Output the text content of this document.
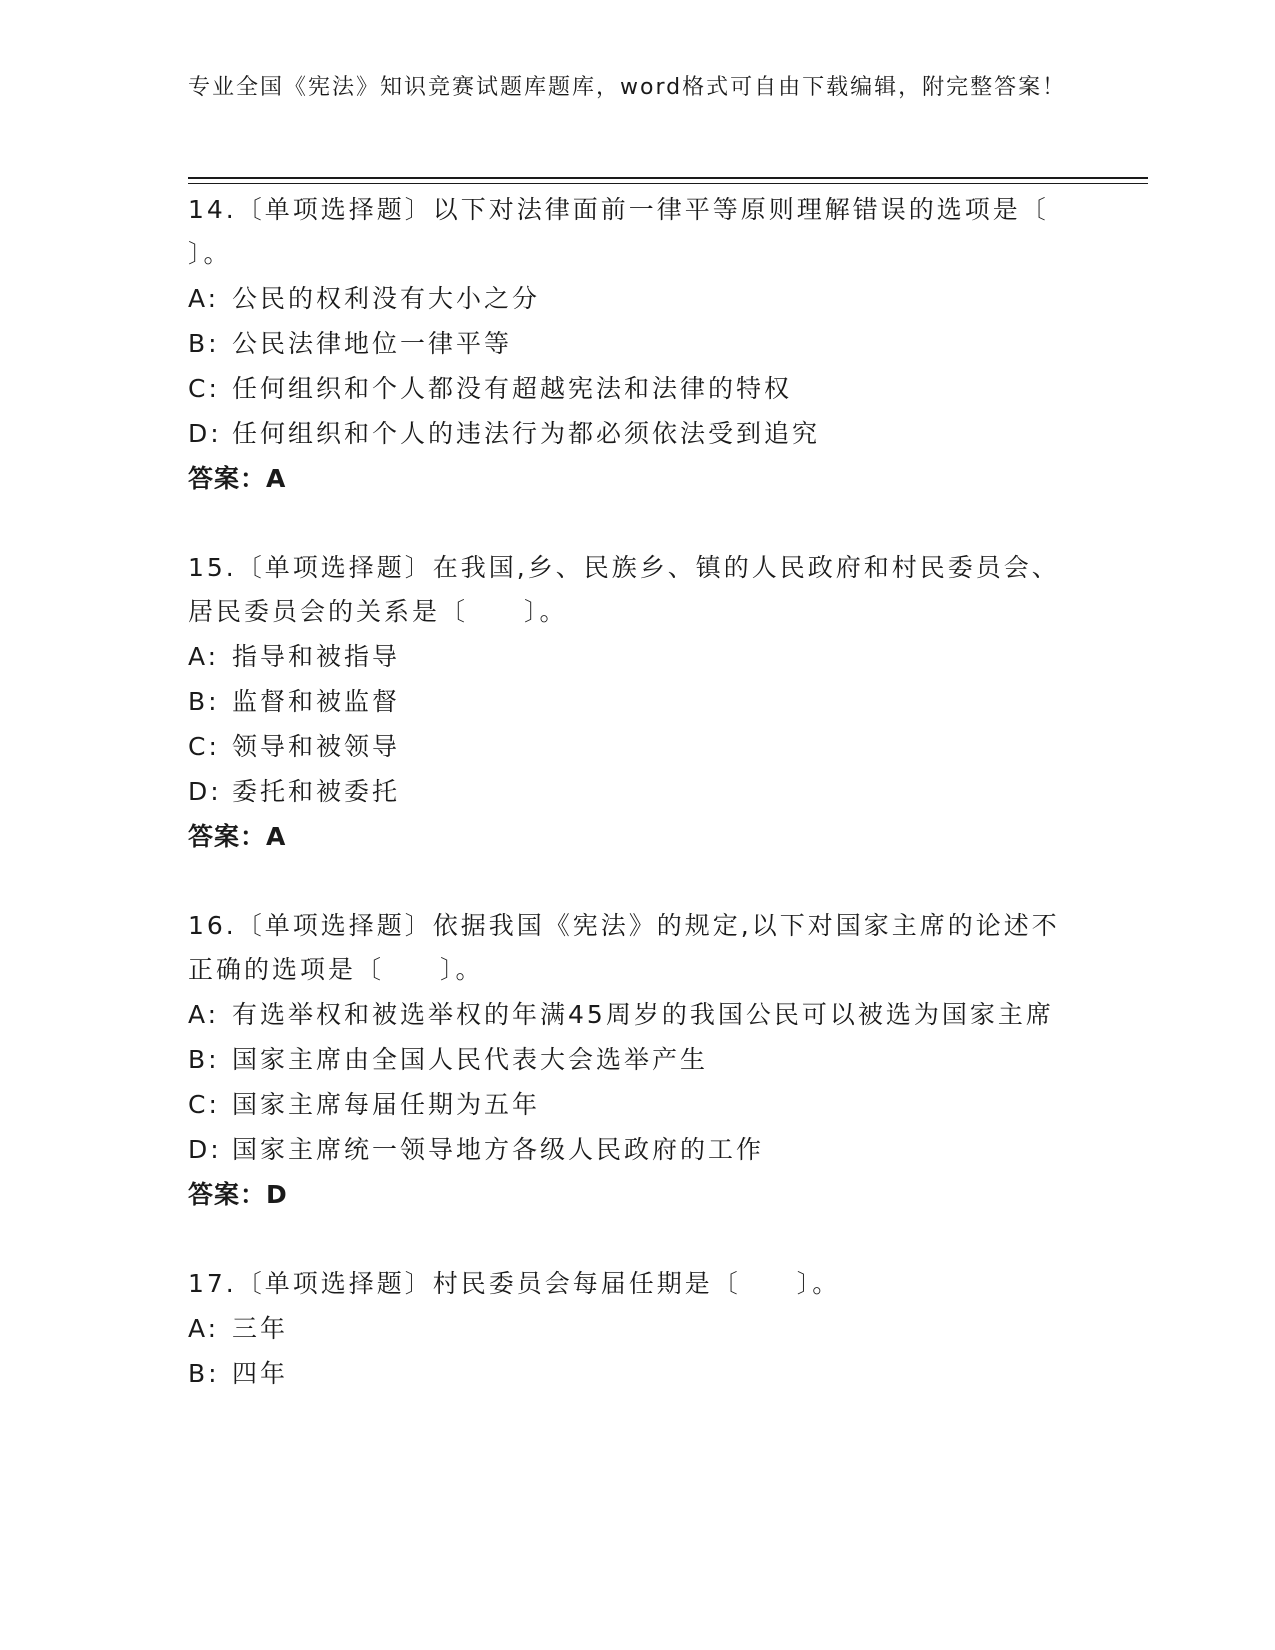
专业全国《宪法》知识竞赛试题库题库，word格式可自由下载编辑，附完整答案！
14.〔单项选择题〕以下对法律面前一律平等原则理解错误的选项是〔　　〕。
A: 公民的权利没有大小之分
B: 公民法律地位一律平等
C: 任何组织和个人都没有超越宪法和法律的特权
D: 任何组织和个人的违法行为都必须依法受到追究
答案：A
15.〔单项选择题〕在我国,乡、民族乡、镇的人民政府和村民委员会、居民委员会的关系是〔　　〕。
A: 指导和被指导
B: 监督和被监督
C: 领导和被领导
D: 委托和被委托
答案：A
16.〔单项选择题〕依据我国《宪法》的规定,以下对国家主席的论述不正确的选项是〔　　〕。
A: 有选举权和被选举权的年满45周岁的我国公民可以被选为国家主席
B: 国家主席由全国人民代表大会选举产生
C: 国家主席每届任期为五年
D: 国家主席统一领导地方各级人民政府的工作
答案：D
17.〔单项选择题〕村民委员会每届任期是〔　　〕。
A: 三年
B: 四年
